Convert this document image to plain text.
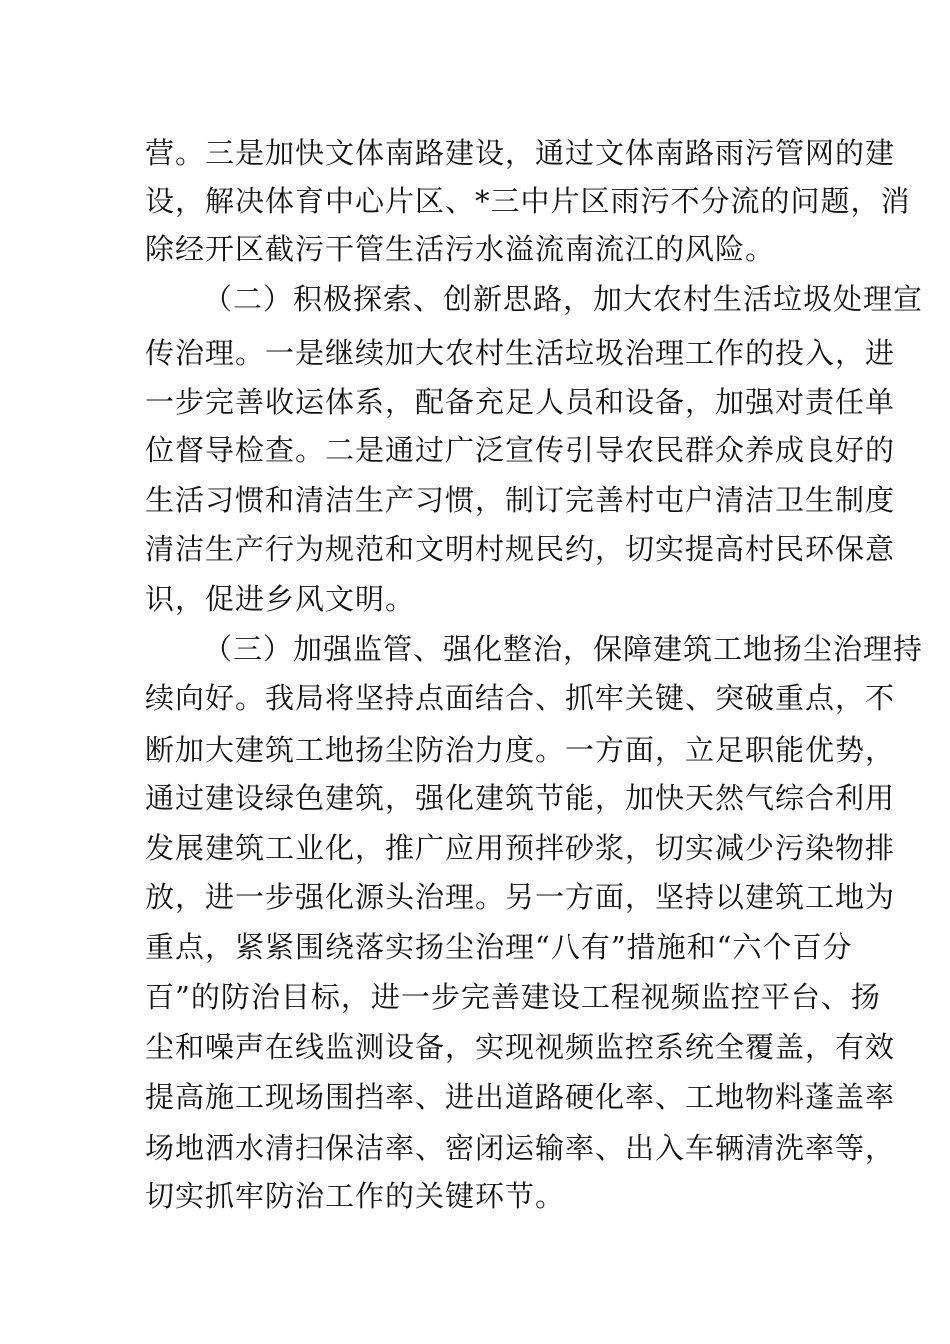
营。三是加快文体南路建设，通过文体南路雨污管网的建
设，解决体育中心片区、*三中片区雨污不分流的问题，消
除经开区截污干管生活污水溢流南流江的风险。
（二）积极探索、创新思路，加大农村生活垃圾处理宣
传治理。一是继续加大农村生活垃圾治理工作的投入，进
一步完善收运体系，配备充足人员和设备，加强对责任单
位督导检查。二是通过广泛宣传引导农民群众养成良好的
生活习惯和清洁生产习惯，制订完善村屯户清洁卫生制度
清洁生产行为规范和文明村规民约，切实提高村民环保意
识，促进乡风文明。
（三）加强监管、强化整治，保障建筑工地扬尘治理持
续向好。我局将坚持点面结合、抓牢关键、突破重点，不
断加大建筑工地扬尘防治力度。一方面，立足职能优势，
通过建设绿色建筑，强化建筑节能，加快天然气综合利用
发展建筑工业化，推广应用预拌砂浆，切实减少污染物排
放，进一步强化源头治理。另一方面，坚持以建筑工地为
重点，紧紧围绕落实扬尘治理“八有”措施和“六个百分
百”的防治目标，进一步完善建设工程视频监控平台、扬
尘和噪声在线监测设备，实现视频监控系统全覆盖，有效
提高施工现场围挡率、进出道路硬化率、工地物料蓬盖率
场地洒水清扫保洁率、密闭运输率、出入车辆清洗率等，
切实抓牢防治工作的关键环节。
